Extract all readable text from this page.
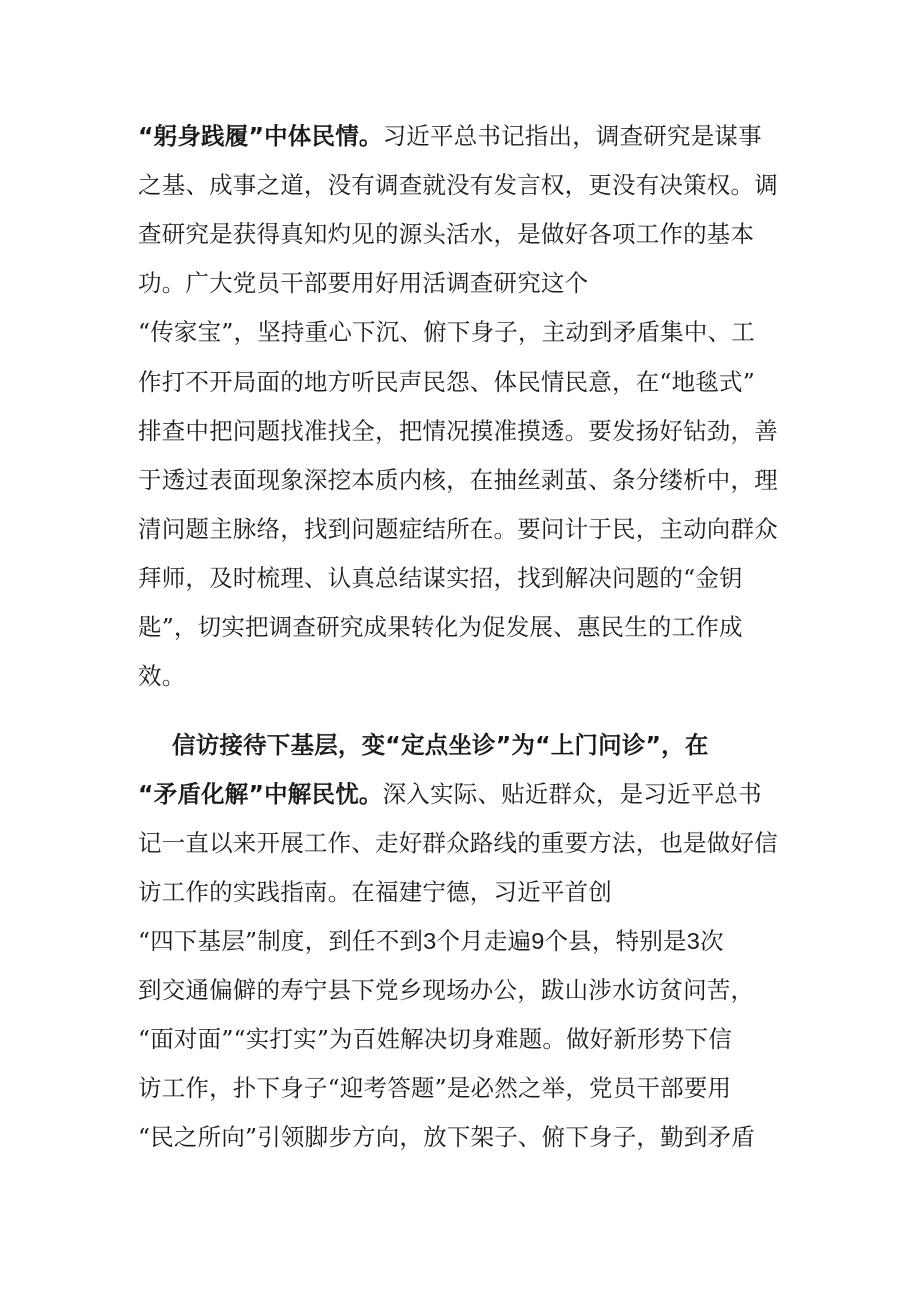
“躬身践履”中体民情。习近平总书记指出，调查研究是谋事
之基、成事之道，没有调查就没有发言权，更没有决策权。调
查研究是获得真知灼见的源头活水，是做好各项工作的基本
功。广大党员干部要用好用活调查研究这个
“传家宝”，坚持重心下沉、俯下身子，主动到矛盾集中、工
作打不开局面的地方听民声民怨、体民情民意，在“地毯式”
排查中把问题找准找全，把情况摸准摸透。要发扬好钻劲，善
于透过表面现象深挖本质内核，在抽丝剥茧、条分缕析中，理
清问题主脉络，找到问题症结所在。要问计于民，主动向群众
拜师，及时梳理、认真总结谋实招，找到解决问题的“金钥
匙”，切实把调查研究成果转化为促发展、惠民生的工作成
效。
信访接待下基层，变“定点坐诊”为“上门问诊”，在
“矛盾化解”中解民忧。深入实际、贴近群众，是习近平总书
记一直以来开展工作、走好群众路线的重要方法，也是做好信
访工作的实践指南。在福建宁德，习近平首创
“四下基层”制度，到任不到3个月走遍9个县，特别是3次
到交通偏僻的寿宁县下党乡现场办公，跋山涉水访贫问苦，
“面对面”“实打实”为百姓解决切身难题。做好新形势下信
访工作，扑下身子“迎考答题”是必然之举，党员干部要用
“民之所向”引领脚步方向，放下架子、俯下身子，勤到矛盾
